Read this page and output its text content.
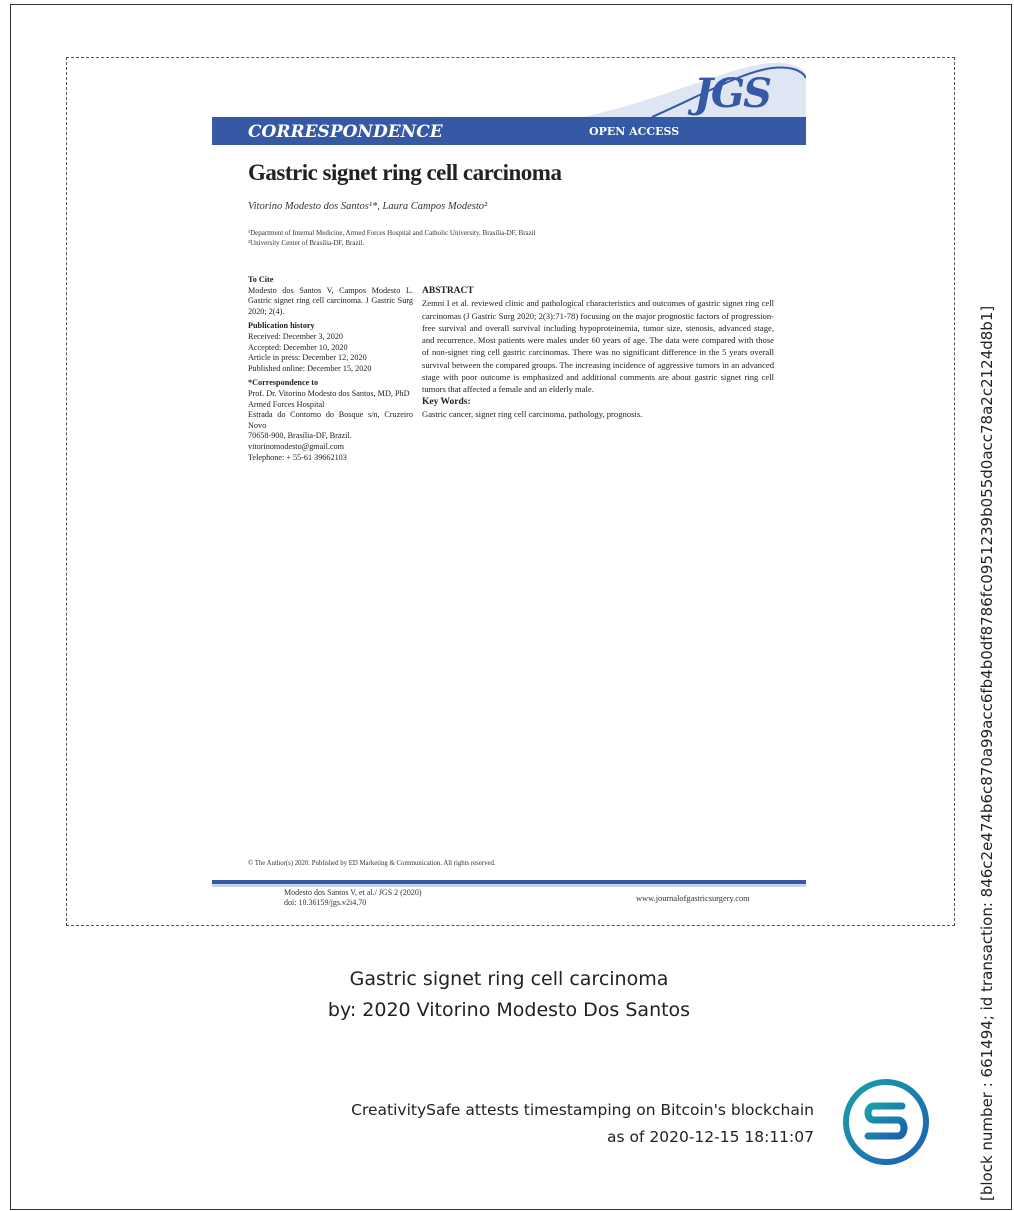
JGS
CORRESPONDENCE	OPEN ACCESS
Gastric signet ring cell carcinoma
Vitorino Modesto dos Santos¹*, Laura Campos Modesto²
¹Department of Internal Medicine, Armed Forces Hospital and Catholic University, Brasília-DF, Brazil
²University Center of Brasília-DF, Brazil.
To Cite

Modesto dos Santos V, Campos Modesto L. Gastric signet ring cell carcinoma. J Gastric Surg 2020; 2(4).

Publication history
Received: December 3, 2020
Accepted: December 10, 2020
Article in press: December 12, 2020
Published online: December 15, 2020
*Correspondence to

Prof. Dr. Vitorino Modesto dos Santos, MD, PhD

Armed Forces Hospital

Estrada do Contorno do Bosque s/n, Cruzeiro Novo

70658-900, Brasília-DF, Brazil.
vitorinomodesto@gmail.com
Telephone: + 55-61 39662103
ABSTRACT

Zemni I et al. reviewed clinic and pathological characteristics and outcomes of gastric signet ring cell carcinomas (J Gastric Surg 2020; 2(3):71-78) focusing on the major prognostic factors of progression-free survival and overall survival including hypoproteinemia, tumor size, stenosis, advanced stage, and recurrence. Most patients were males under 60 years of age. The data were compared with those of non-signet ring cell gastric carcinomas. There was no significant difference in the 5 years overall survival between the compared groups. The increasing incidence of aggressive tumors in an advanced stage with poor outcome is emphasized and additional comments are about gastric signet ring cell tumors that affected a female and an elderly male.

Key Words:

Gastric cancer, signet ring cell carcinoma, pathology, prognosis.

© The Author(s) 2020. Published by ED Marketing & Communication. All rights reserved.
Modesto dos Santos V, et al./ JGS 2 (2020)
doi: 10.36159/jgs.v2i4.70	www.journalofgastricsurgery.com
Gastric signet ring cell carcinoma
by: 2020 Vitorino Modesto Dos Santos
CreativitySafe attests timestamping on Bitcoin's blockchain
as of 2020-12-15 18:11:07	[block number : 661494; id transaction: 846c2e474b6c870a99acc6fb4b0df8786fc0951239b055d0acc78a2c2124d8b1]
